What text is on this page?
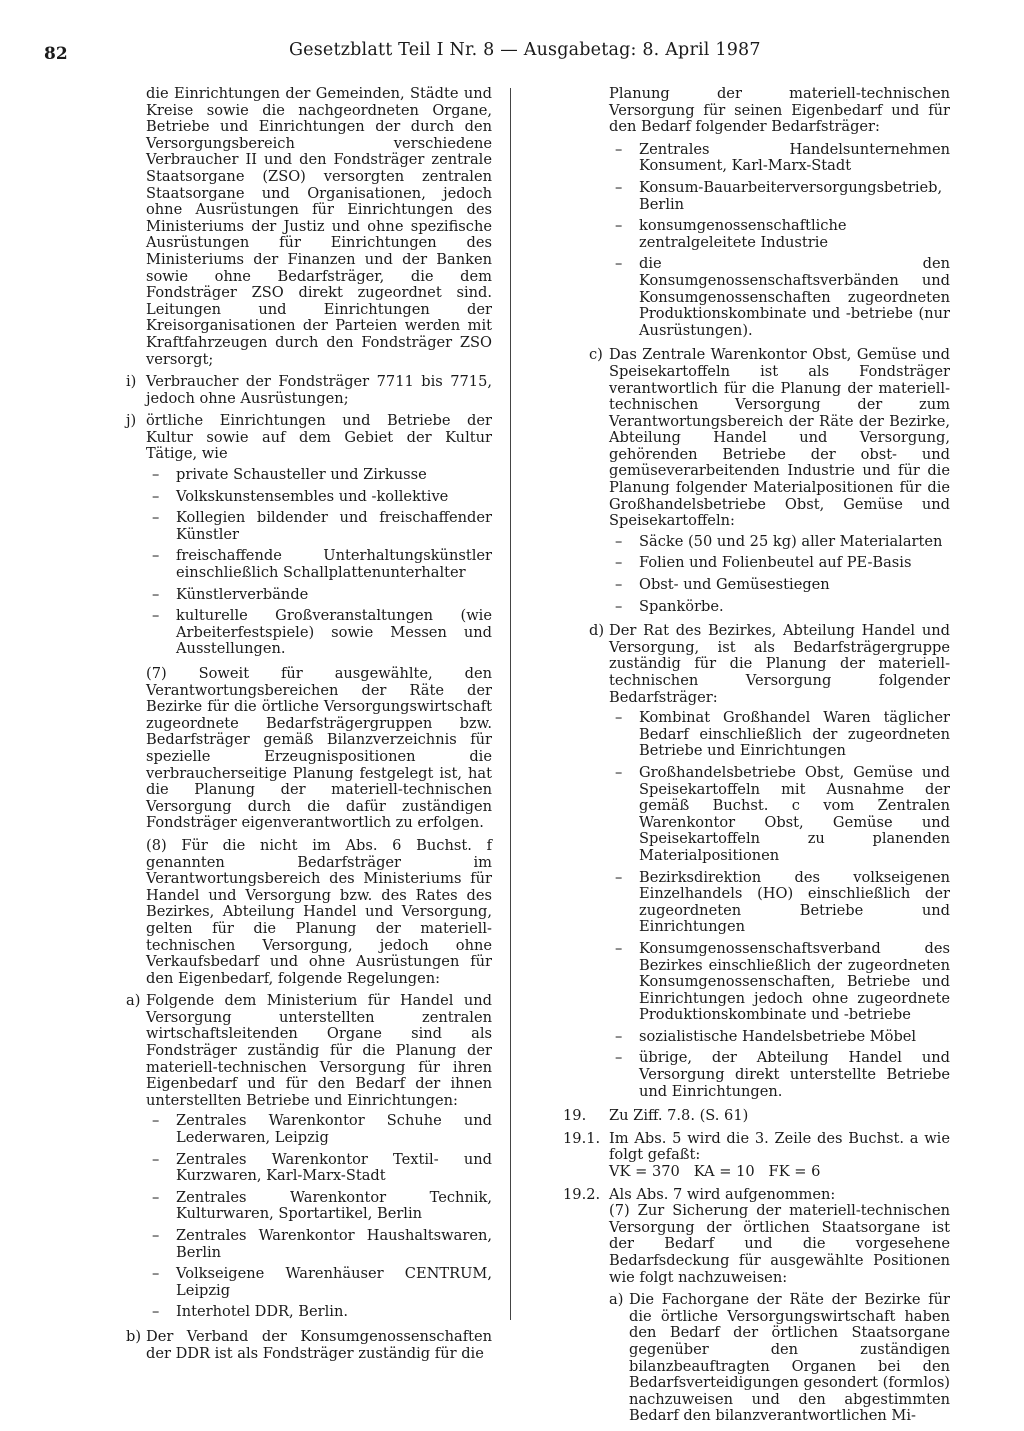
82	Gesetzblatt Teil I Nr. 8 — Ausgabetag: 8. April 1987

die Einrichtungen der Gemeinden, Städte und Kreise sowie die nachgeordneten Organe, Betriebe und Einrichtungen der durch den Versorgungsbereich verschiedene Verbraucher II und den Fondsträger zentrale Staatsorgane (ZSO) versorgten zentralen Staatsorgane und Organisationen, jedoch ohne Ausrüstungen für Einrichtungen des Ministeriums der Justiz und ohne spezifische Ausrüstungen für Einrichtungen des Ministeriums der Finanzen und der Banken sowie ohne Bedarfsträger, die dem Fondsträger ZSO direkt zugeordnet sind. Leitungen und Einrichtungen der Kreisorganisationen der Parteien werden mit Kraftfahrzeugen durch den Fondsträger ZSO versorgt;

i) Verbraucher der Fondsträger 7711 bis 7715, jedoch ohne Ausrüstungen;
j) örtliche Einrichtungen und Betriebe der Kultur sowie auf dem Gebiet der Kultur Tätige, wie
– private Schausteller und Zirkusse
– Volkskunstensembles und -kollektive
– Kollegien bildender und freischaffender Künstler
– freischaffende Unterhaltungskünstler einschließlich Schallplattenunterhalter
– Künstlerverbände
– kulturelle Großveranstaltungen (wie Arbeiterfestspiele) sowie Messen und Ausstellungen.

(7) Soweit für ausgewählte, den Verantwortungsbereichen der Räte der Bezirke für die örtliche Versorgungswirtschaft zugeordnete Bedarfsträgergruppen bzw. Bedarfsträger gemäß Bilanzverzeichnis für spezielle Erzeugnispositionen die verbraucherseitige Planung festgelegt ist, hat die Planung der materiell-technischen Versorgung durch die dafür zuständigen Fondsträger eigenverantwortlich zu erfolgen.

(8) Für die nicht im Abs. 6 Buchst. f genannten Bedarfsträger im Verantwortungsbereich des Ministeriums für Handel und Versorgung bzw. des Rates des Bezirkes, Abteilung Handel und Versorgung, gelten für die Planung der materiell-technischen Versorgung, jedoch ohne Verkaufsbedarf und ohne Ausrüstungen für den Eigenbedarf, folgende Regelungen:

a) Folgende dem Ministerium für Handel und Versorgung unterstellten zentralen wirtschaftsleitenden Organe sind als Fondsträger zuständig für die Planung der materiell-technischen Versorgung für ihren Eigenbedarf und für den Bedarf der ihnen unterstellten Betriebe und Einrichtungen:
– Zentrales Warenkontor Schuhe und Lederwaren, Leipzig
– Zentrales Warenkontor Textil- und Kurzwaren, Karl-Marx-Stadt
– Zentrales Warenkontor Technik, Kulturwaren, Sportartikel, Berlin
– Zentrales Warenkontor Haushaltswaren, Berlin
– Volkseigene Warenhäuser CENTRUM, Leipzig
– Interhotel DDR, Berlin.
b) Der Verband der Konsumgenossenschaften der DDR ist als Fondsträger zuständig für die

Planung der materiell-technischen Versorgung für seinen Eigenbedarf und für den Bedarf folgender Bedarfsträger:

– Zentrales Handelsunternehmen Konsument, Karl-Marx-Stadt
– Konsum-Bauarbeiterversorgungsbetrieb, Berlin
– konsumgenossenschaftliche zentralgeleitete Industrie
– die den Konsumgenossenschaftsverbänden und Konsumgenossenschaften zugeordneten Produktionskombinate und -betriebe (nur Ausrüstungen).
c) Das Zentrale Warenkontor Obst, Gemüse und Speisekartoffeln ist als Fondsträger verantwortlich für die Planung der materiell-technischen Versorgung der zum Verantwortungsbereich der Räte der Bezirke, Abteilung Handel und Versorgung, gehörenden Betriebe der obst- und gemüseverarbeitenden Industrie und für die Planung folgender Materialpositionen für die Großhandelsbetriebe Obst, Gemüse und Speisekartoffeln:
– Säcke (50 und 25 kg) aller Materialarten
– Folien und Folienbeutel auf PE-Basis
– Obst- und Gemüsestiegen
– Spankörbe.
d) Der Rat des Bezirkes, Abteilung Handel und Versorgung, ist als Bedarfsträgergruppe zuständig für die Planung der materiell-technischen Versorgung folgender Bedarfsträger:
– Kombinat Großhandel Waren täglicher Bedarf einschließlich der zugeordneten Betriebe und Einrichtungen
– Großhandelsbetriebe Obst, Gemüse und Speisekartoffeln mit Ausnahme der gemäß Buchst. c vom Zentralen Warenkontor Obst, Gemüse und Speisekartoffeln zu planenden Materialpositionen
– Bezirksdirektion des volkseigenen Einzelhandels (HO) einschließlich der zugeordneten Betriebe und Einrichtungen
– Konsumgenossenschaftsverband des Bezirkes einschließlich der zugeordneten Konsumgenossenschaften, Betriebe und Einrichtungen jedoch ohne zugeordnete Produktionskombinate und -betriebe
– sozialistische Handelsbetriebe Möbel
– übrige, der Abteilung Handel und Versorgung direkt unterstellte Betriebe und Einrichtungen.
19. Zu Ziff. 7.8. (S. 61)
19.1. Im Abs. 5 wird die 3. Zeile des Buchst. a wie folgt gefaßt:
VK = 370   KA = 10   FK = 6
19.2. Als Abs. 7 wird aufgenommen:

(7) Zur Sicherung der materiell-technischen Versorgung der örtlichen Staatsorgane ist der Bedarf und die vorgesehene Bedarfsdeckung für ausgewählte Positionen wie folgt nachzuweisen:

a) Die Fachorgane der Räte der Bezirke für die örtliche Versorgungswirtschaft haben den Bedarf der örtlichen Staatsorgane gegenüber den zuständigen bilanzbeauftragten Organen bei den Bedarfsverteidigungen gesondert (formlos) nachzuweisen und den abgestimmten Bedarf den bilanzverantwortlichen Mi-
